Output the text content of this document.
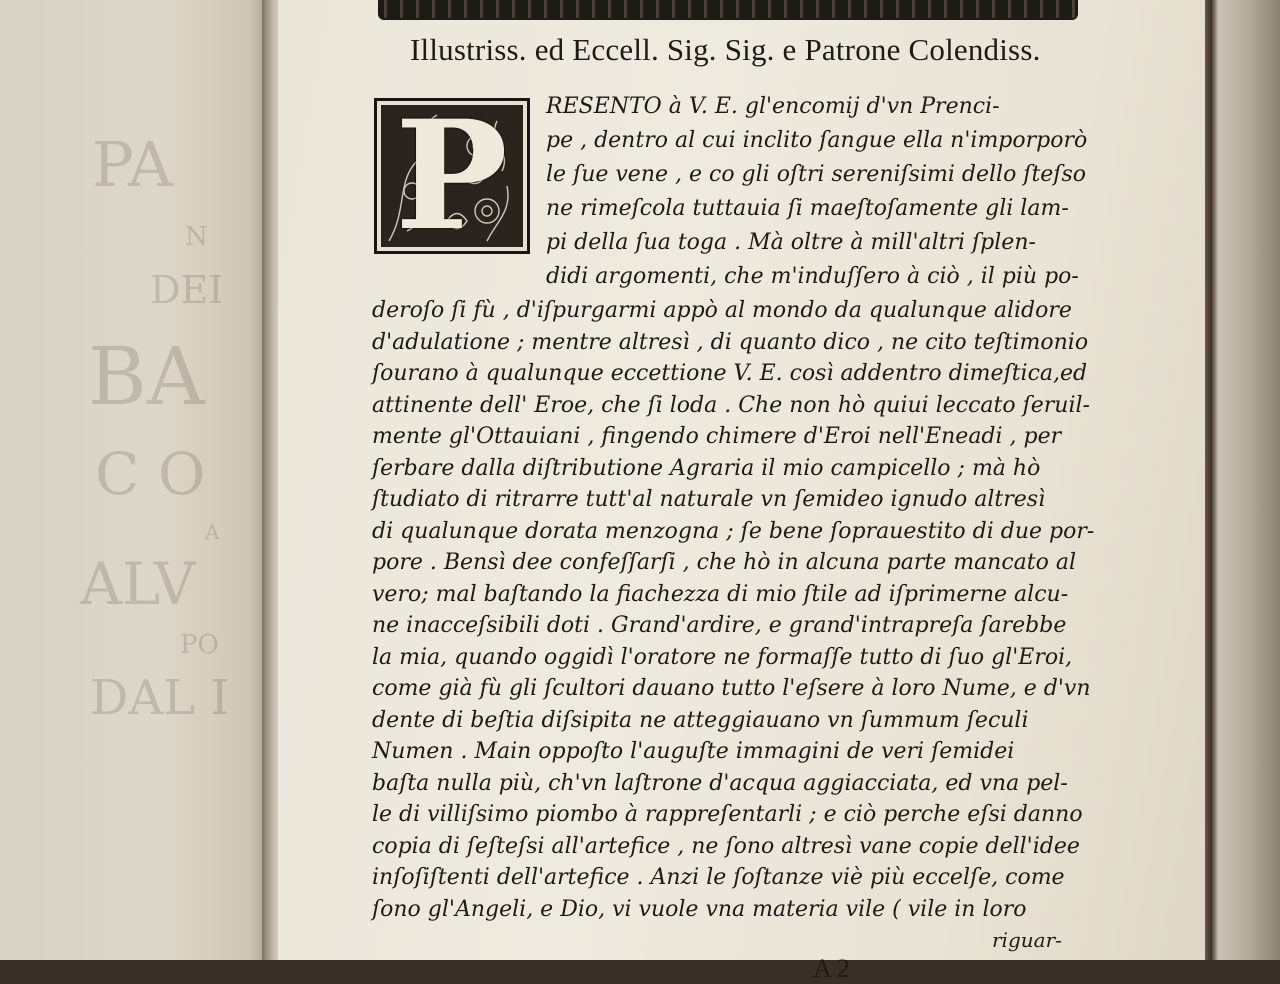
PA
N
DEI
BA
C O
A
ALV
PO
DAL I
Illustriss. ed Eccell. Sig. Sig. e Patrone Colendiss.
P RESENTO à V. E. gl'encomij d'vn Prenci-
pe , dentro al cui inclito ſangue ella n'imporporò
le ſue vene , e co gli oſtri sereniſsimi dello ſteſso
ne rimeſcola tuttauia ſi maeſtoſamente gli lam-
pi della ſua toga . Mà oltre à mill'altri ſplen-
didi argomenti, che m'induſſero à ciò , il più po-
deroſo ſi fù , d'iſpurgarmi appò al mondo da qualunque alidore
d'adulatione ; mentre altresì , di quanto dico , ne cito teſtimonio
ſourano à qualunque eccettione V. E. così addentro dimeſtica,ed
attinente dell' Eroe, che ſi loda . Che non hò quiui leccato ſeruil-
mente gl'Ottauiani , fingendo chimere d'Eroi nell'Eneadi , per
ſerbare dalla diſtributione Agraria il mio campicello ; mà hò
ſtudiato di ritrarre tutt'al naturale vn ſemideo ignudo altresì
di qualunque dorata menzogna ; ſe bene ſoprauestito di due por-
pore . Bensì dee confeſſarſi , che hò in alcuna parte mancato al
vero; mal baſtando la fiachezza di mio ſtile ad iſprimerne alcu-
ne inacceſsibili doti . Grand'ardire, e grand'intrapreſa ſarebbe
la mia, quando oggidì l'oratore ne formaſſe tutto di ſuo gl'Eroi,
come già fù gli ſcultori dauano tutto l'eſsere à loro Nume, e d'vn
dente di beſtia diſsipita ne atteggiauano vn ſummum ſeculi
Numen . Main oppoſto l'auguſte immagini de veri ſemidei
baſta nulla più, ch'vn laſtrone d'acqua aggiacciata, ed vna pel-
le di villiſsimo piombo à rappreſentarli ; e ciò perche eſsi danno
copia di ſeſteſsi all'artefice , ne ſono altresì vane copie dell'idee
inſoſiſtenti dell'artefice . Anzi le ſoſtanze viè più eccelſe, come
ſono gl'Angeli, e Dio, vi vuole vna materia vile ( vile in loro
A 2
riguar-
